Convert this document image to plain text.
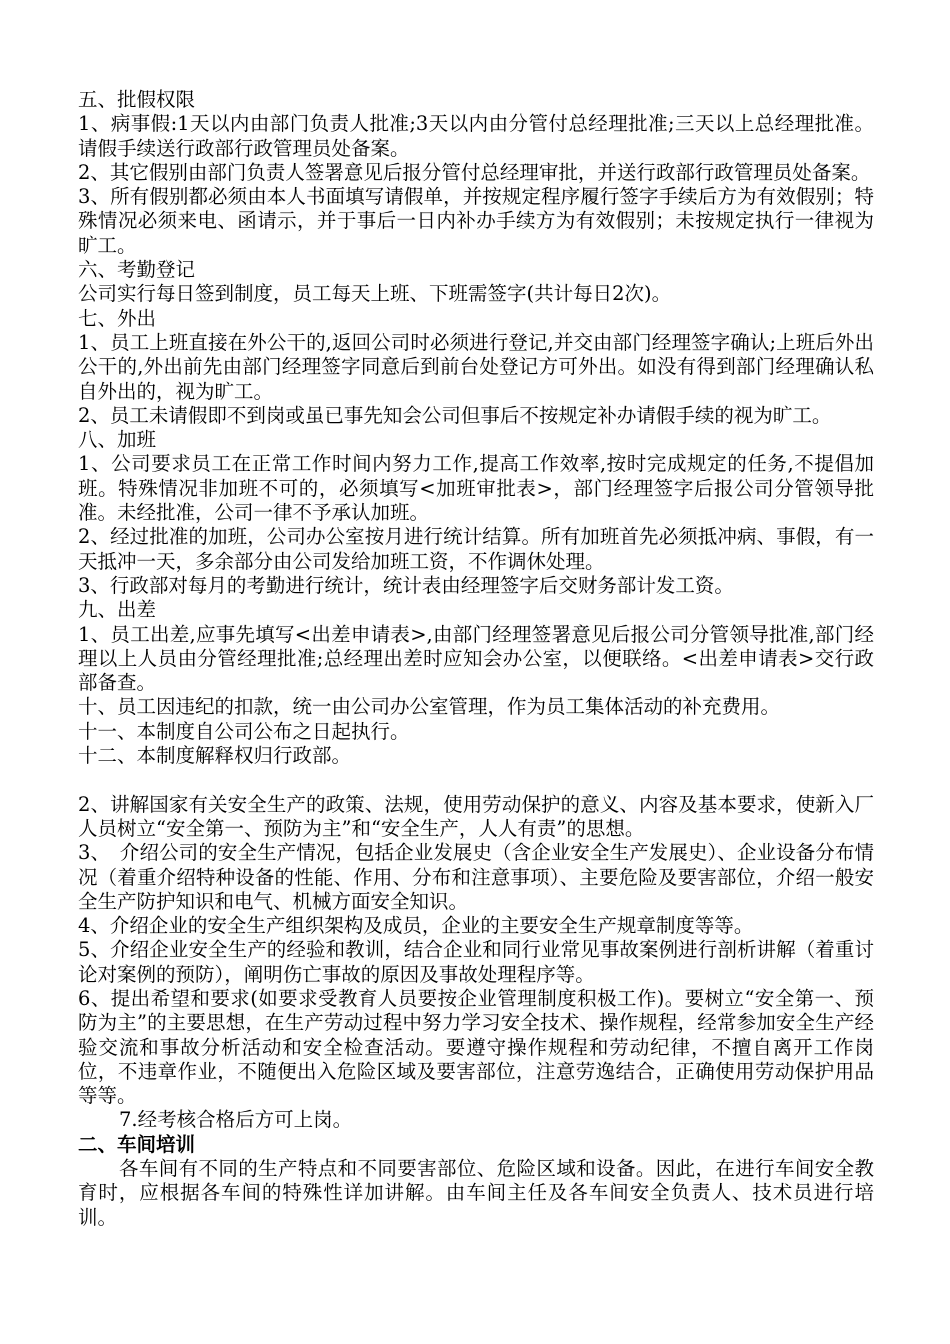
五、批假权限

1、病事假:1天以内由部门负责人批准;3天以内由分管付总经理批准;三天以上总经理批准。请假手续送行政部行政管理员处备案。

2、其它假别由部门负责人签署意见后报分管付总经理审批，并送行政部行政管理员处备案。

3、所有假别都必须由本人书面填写请假单，并按规定程序履行签字手续后方为有效假别；特殊情况必须来电、函请示，并于事后一日内补办手续方为有效假别；未按规定执行一律视为旷工。

六、考勤登记

公司实行每日签到制度，员工每天上班、下班需签字(共计每日2次)。

七、外出

1、员工上班直接在外公干的,返回公司时必须进行登记,并交由部门经理签字确认;上班后外出公干的,外出前先由部门经理签字同意后到前台处登记方可外出。如没有得到部门经理确认私自外出的，视为旷工。

2、员工未请假即不到岗或虽已事先知会公司但事后不按规定补办请假手续的视为旷工。

八、加班

1、公司要求员工在正常工作时间内努力工作,提高工作效率,按时完成规定的任务,不提倡加班。特殊情况非加班不可的，必须填写<加班审批表>，部门经理签字后报公司分管领导批准。未经批准，公司一律不予承认加班。

2、经过批准的加班，公司办公室按月进行统计结算。所有加班首先必须抵冲病、事假，有一天抵冲一天，多余部分由公司发给加班工资，不作调休处理。

3、行政部对每月的考勤进行统计，统计表由经理签字后交财务部计发工资。

九、出差

1、员工出差,应事先填写<出差申请表>,由部门经理签署意见后报公司分管领导批准,部门经理以上人员由分管经理批准;总经理出差时应知会办公室，以便联络。<出差申请表>交行政部备查。

十、员工因违纪的扣款，统一由公司办公室管理，作为员工集体活动的补充费用。

十一、本制度自公司公布之日起执行。

十二、本制度解释权归行政部。

2、讲解国家有关安全生产的政策、法规，使用劳动保护的意义、内容及基本要求，使新入厂人员树立“安全第一、预防为主”和“安全生产，人人有责”的思想。

3、　介绍公司的安全生产情况，包括企业发展史（含企业安全生产发展史）、企业设备分布情况（着重介绍特种设备的性能、作用、分布和注意事项）、主要危险及要害部位，介绍一般安全生产防护知识和电气、机械方面安全知识。

4、介绍企业的安全生产组织架构及成员，企业的主要安全生产规章制度等等。

5、介绍企业安全生产的经验和教训，结合企业和同行业常见事故案例进行剖析讲解（着重讨论对案例的预防），阐明伤亡事故的原因及事故处理程序等。

6、提出希望和要求(如要求受教育人员要按企业管理制度积极工作)。要树立“安全第一、预防为主”的主要思想，在生产劳动过程中努力学习安全技术、操作规程，经常参加安全生产经验交流和事故分析活动和安全检查活动。要遵守操作规程和劳动纪律，不擅自离开工作岗位，不违章作业，不随便出入危险区域及要害部位，注意劳逸结合，正确使用劳动保护用品等等。

7.经考核合格后方可上岗。

二、车间培训

各车间有不同的生产特点和不同要害部位、危险区域和设备。因此，在进行车间安全教育时，应根据各车间的特殊性详加讲解。由车间主任及各车间安全负责人、技术员进行培训。
